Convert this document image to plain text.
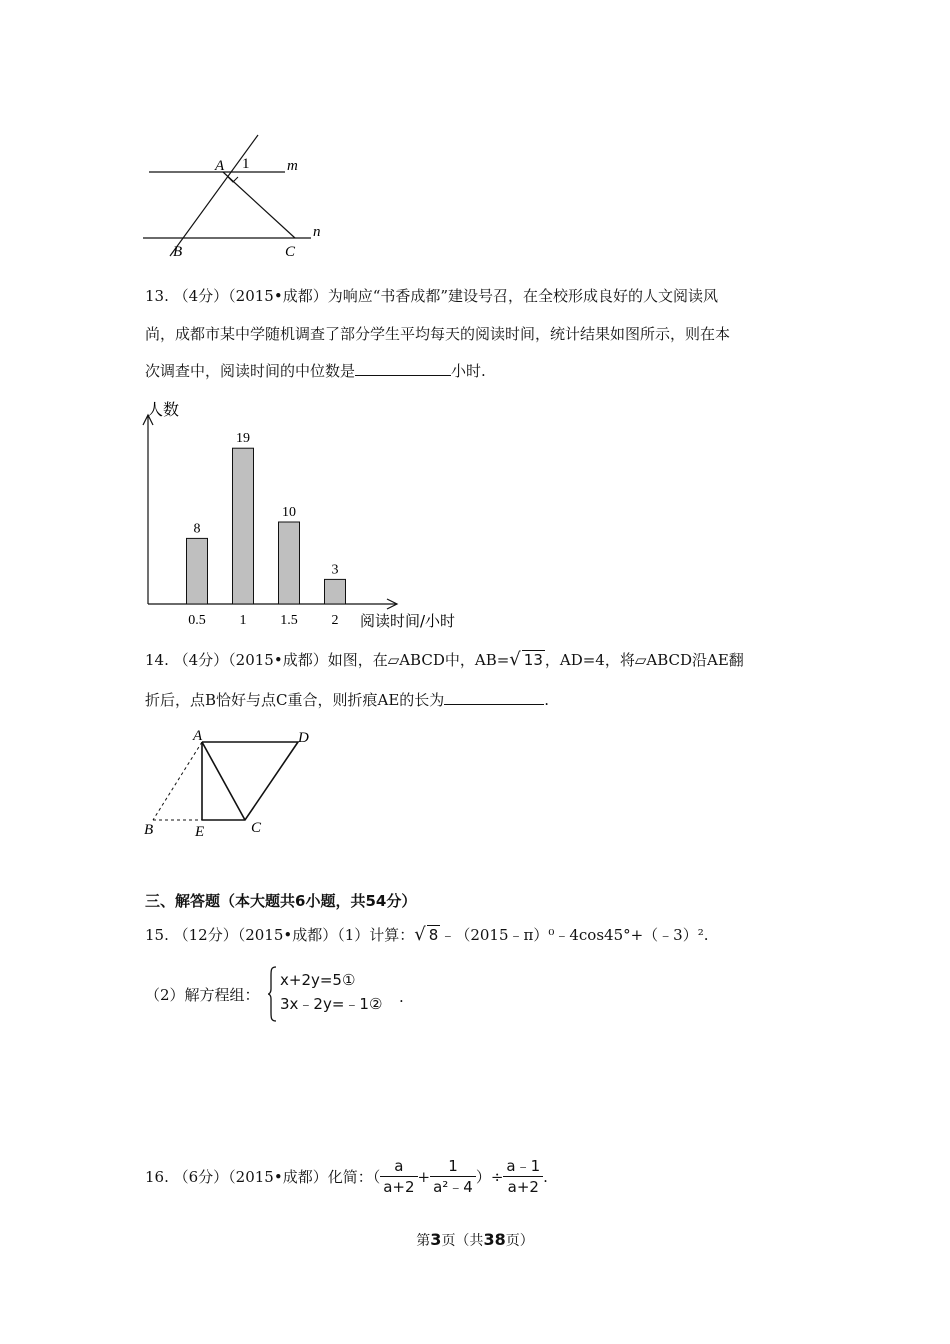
A 1	m
n
B	C
13. （4分）（2015•成都）为响应“书香成都”建设号召，在全校形成良好的人文阅读风
尚，成都市某中学随机调查了部分学生平均每天的阅读时间，统计结果如图所示，则在本
次调查中，阅读时间的中位数是	小时.
人数
阅读时间/小时
8
0.5
19
1
10
1.5
3
2
14. （4分）（2015•成都）如图，在▱ABCD中，AB=√ 13 ，AD=4，将▱ABCD沿AE翻
折后，点B恰好与点C重合，则折痕AE的长为	.
A	D
B	E	C
三、解答题（本大题共6小题，共54分）
15. （12分）（2015•成都）（1）计算：√ 8 ﹣（2015﹣π）⁰﹣4cos45°+（﹣3）².
（2）解方程组：
x+2y=5①
3x﹣2y=﹣1② .
16. （6分）（2015•成都）化简：（ $\frac{a}{a+2} + \frac{1}{\text{a²﹣4}}$ ）÷ $\frac{a﹣1}{a+2}$ .
第3页（共38页）
